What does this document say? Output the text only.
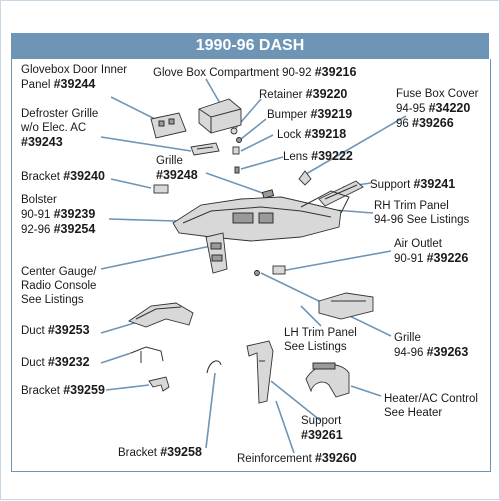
1990-96 DASH
Glovebox Door Inner
Panel #39244
Glove Box Compartment 90-92 #39216
Retainer #39220
Bumper #39219
Lock #39218
Lens #39222
Fuse Box Cover
94-95 #34220
96 #39266
Defroster Grille
w/o Elec. AC
#39243
Grille
#39248
Bracket #39240
Support #39241
Bolster
90-91 #39239
92-96 #39254
RH Trim Panel
94-96 See Listings
Center Gauge/
Radio Console
See Listings
Air Outlet
90-91 #39226
Duct #39253	LH Trim Panel
See Listings
Grille
94-96 #39263
Duct #39232
Bracket #39259
Heater/AC Control
See Heater
Support
#39261
Bracket #39258	Reinforcement #39260
